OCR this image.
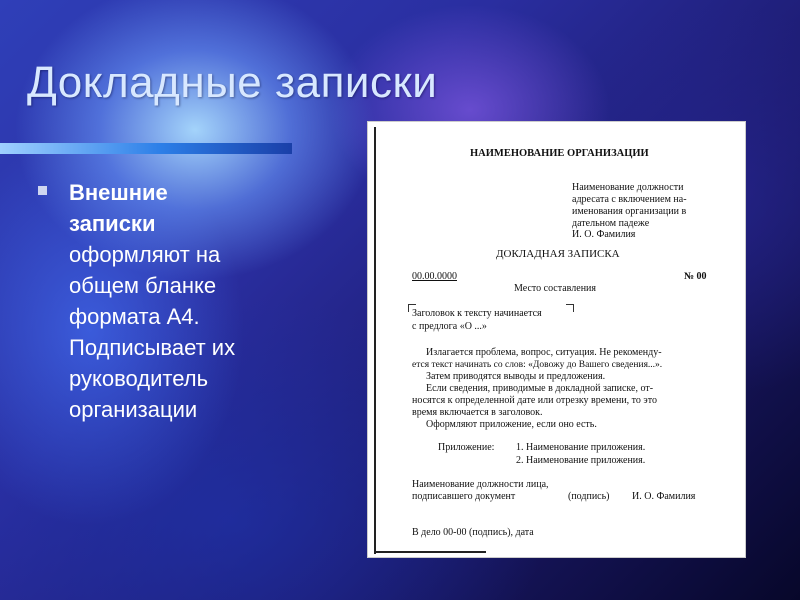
Докладные записки
Внешние
записки
оформляют на общем бланке формата А4. Подписывает их руководитель организации
НАИМЕНОВАНИЕ ОРГАНИЗАЦИИ
Наименование должности
адресата с включением на-
именования организации в
дательном падеже
И. О. Фамилия
ДОКЛАДНАЯ ЗАПИСКА
00.00.0000	№ 00
Место составления
Заголовок к тексту начинается
с предлога «О ...»
Излагается проблема, вопрос, ситуация. Не рекоменду-
ется текст начинать со слов: «Довожу до Вашего сведения...».
Затем приводятся выводы и предложения.
Если сведения, приводимые в докладной записке, от-
носятся к определенной дате или отрезку времени, то это
время включается в заголовок.
Оформляют приложение, если оно есть.
Приложение: 1. Наименование приложения.
2. Наименование приложения.
Наименование должности лица,
подписавшего документ	(подпись) И. О. Фамилия
В дело 00-00 (подпись), дата
